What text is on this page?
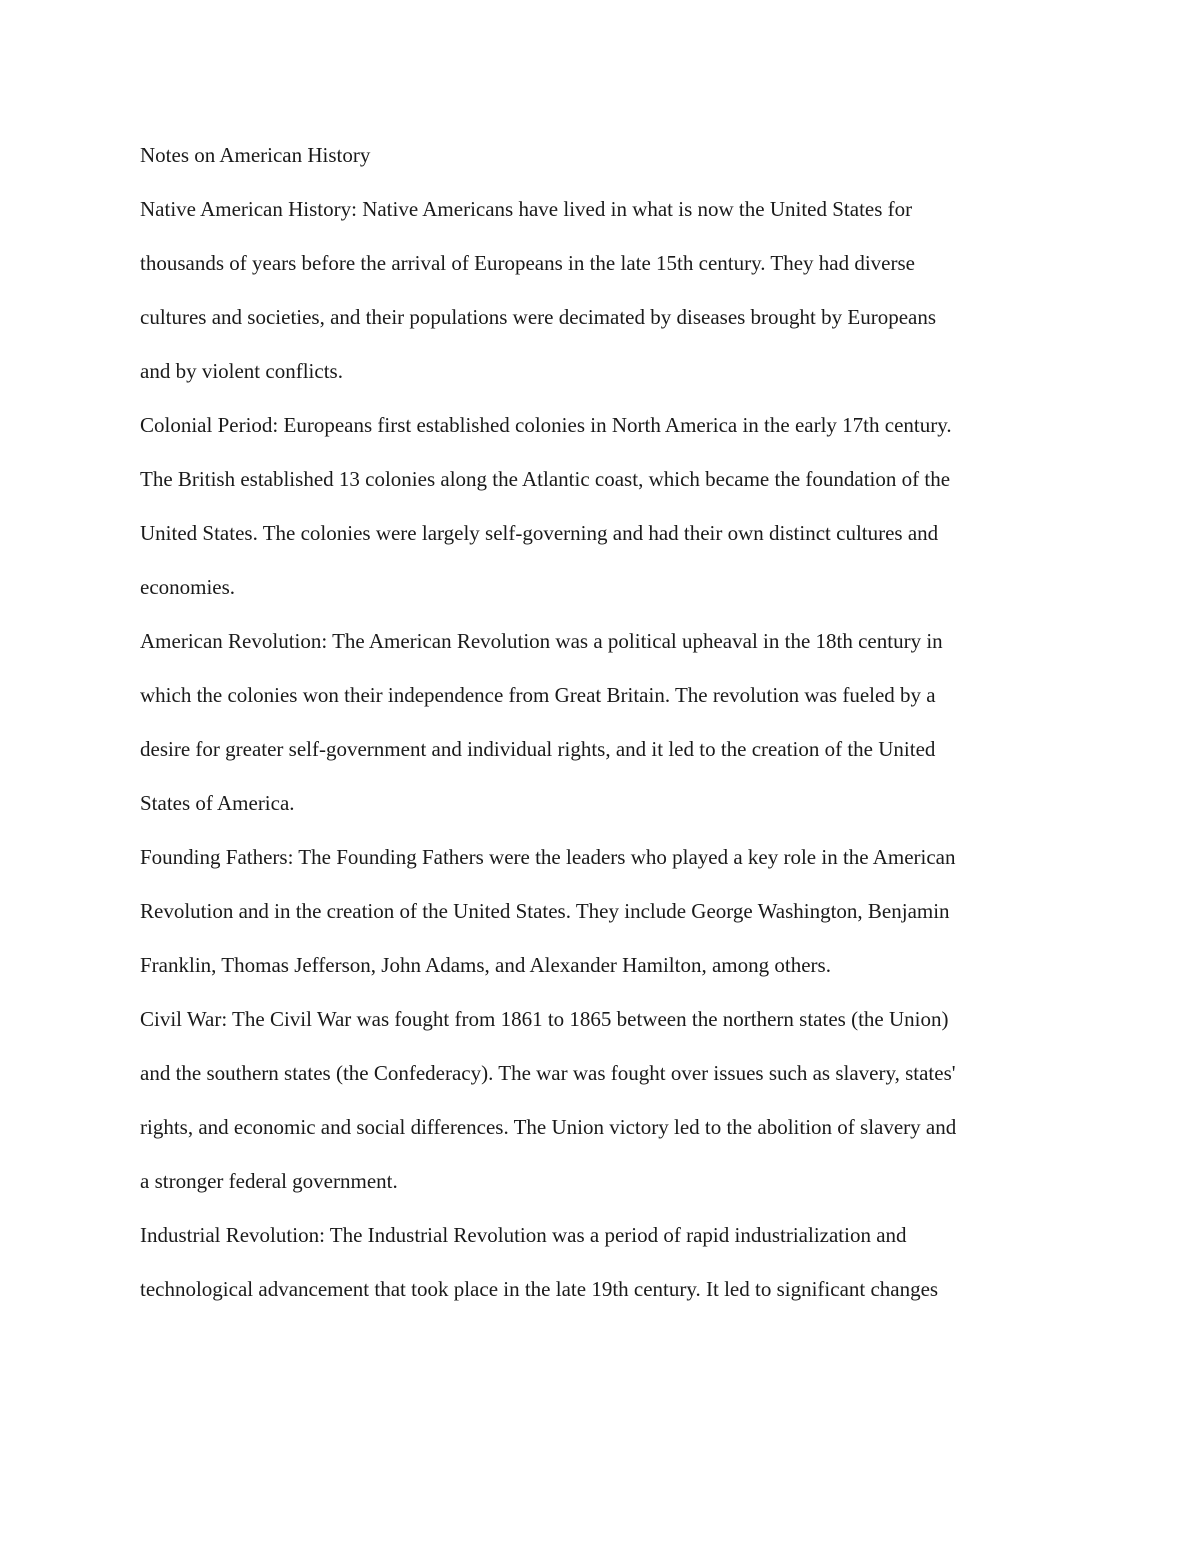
Notes on American History

Native American History: Native Americans have lived in what is now the United States for
thousands of years before the arrival of Europeans in the late 15th century. They had diverse
cultures and societies, and their populations were decimated by diseases brought by Europeans
and by violent conflicts.

Colonial Period: Europeans first established colonies in North America in the early 17th century.
The British established 13 colonies along the Atlantic coast, which became the foundation of the
United States. The colonies were largely self-governing and had their own distinct cultures and
economies.

American Revolution: The American Revolution was a political upheaval in the 18th century in
which the colonies won their independence from Great Britain. The revolution was fueled by a
desire for greater self-government and individual rights, and it led to the creation of the United
States of America.

Founding Fathers: The Founding Fathers were the leaders who played a key role in the American
Revolution and in the creation of the United States. They include George Washington, Benjamin
Franklin, Thomas Jefferson, John Adams, and Alexander Hamilton, among others.

Civil War: The Civil War was fought from 1861 to 1865 between the northern states (the Union)
and the southern states (the Confederacy). The war was fought over issues such as slavery, states'
rights, and economic and social differences. The Union victory led to the abolition of slavery and
a stronger federal government.

Industrial Revolution: The Industrial Revolution was a period of rapid industrialization and
technological advancement that took place in the late 19th century. It led to significant changes
